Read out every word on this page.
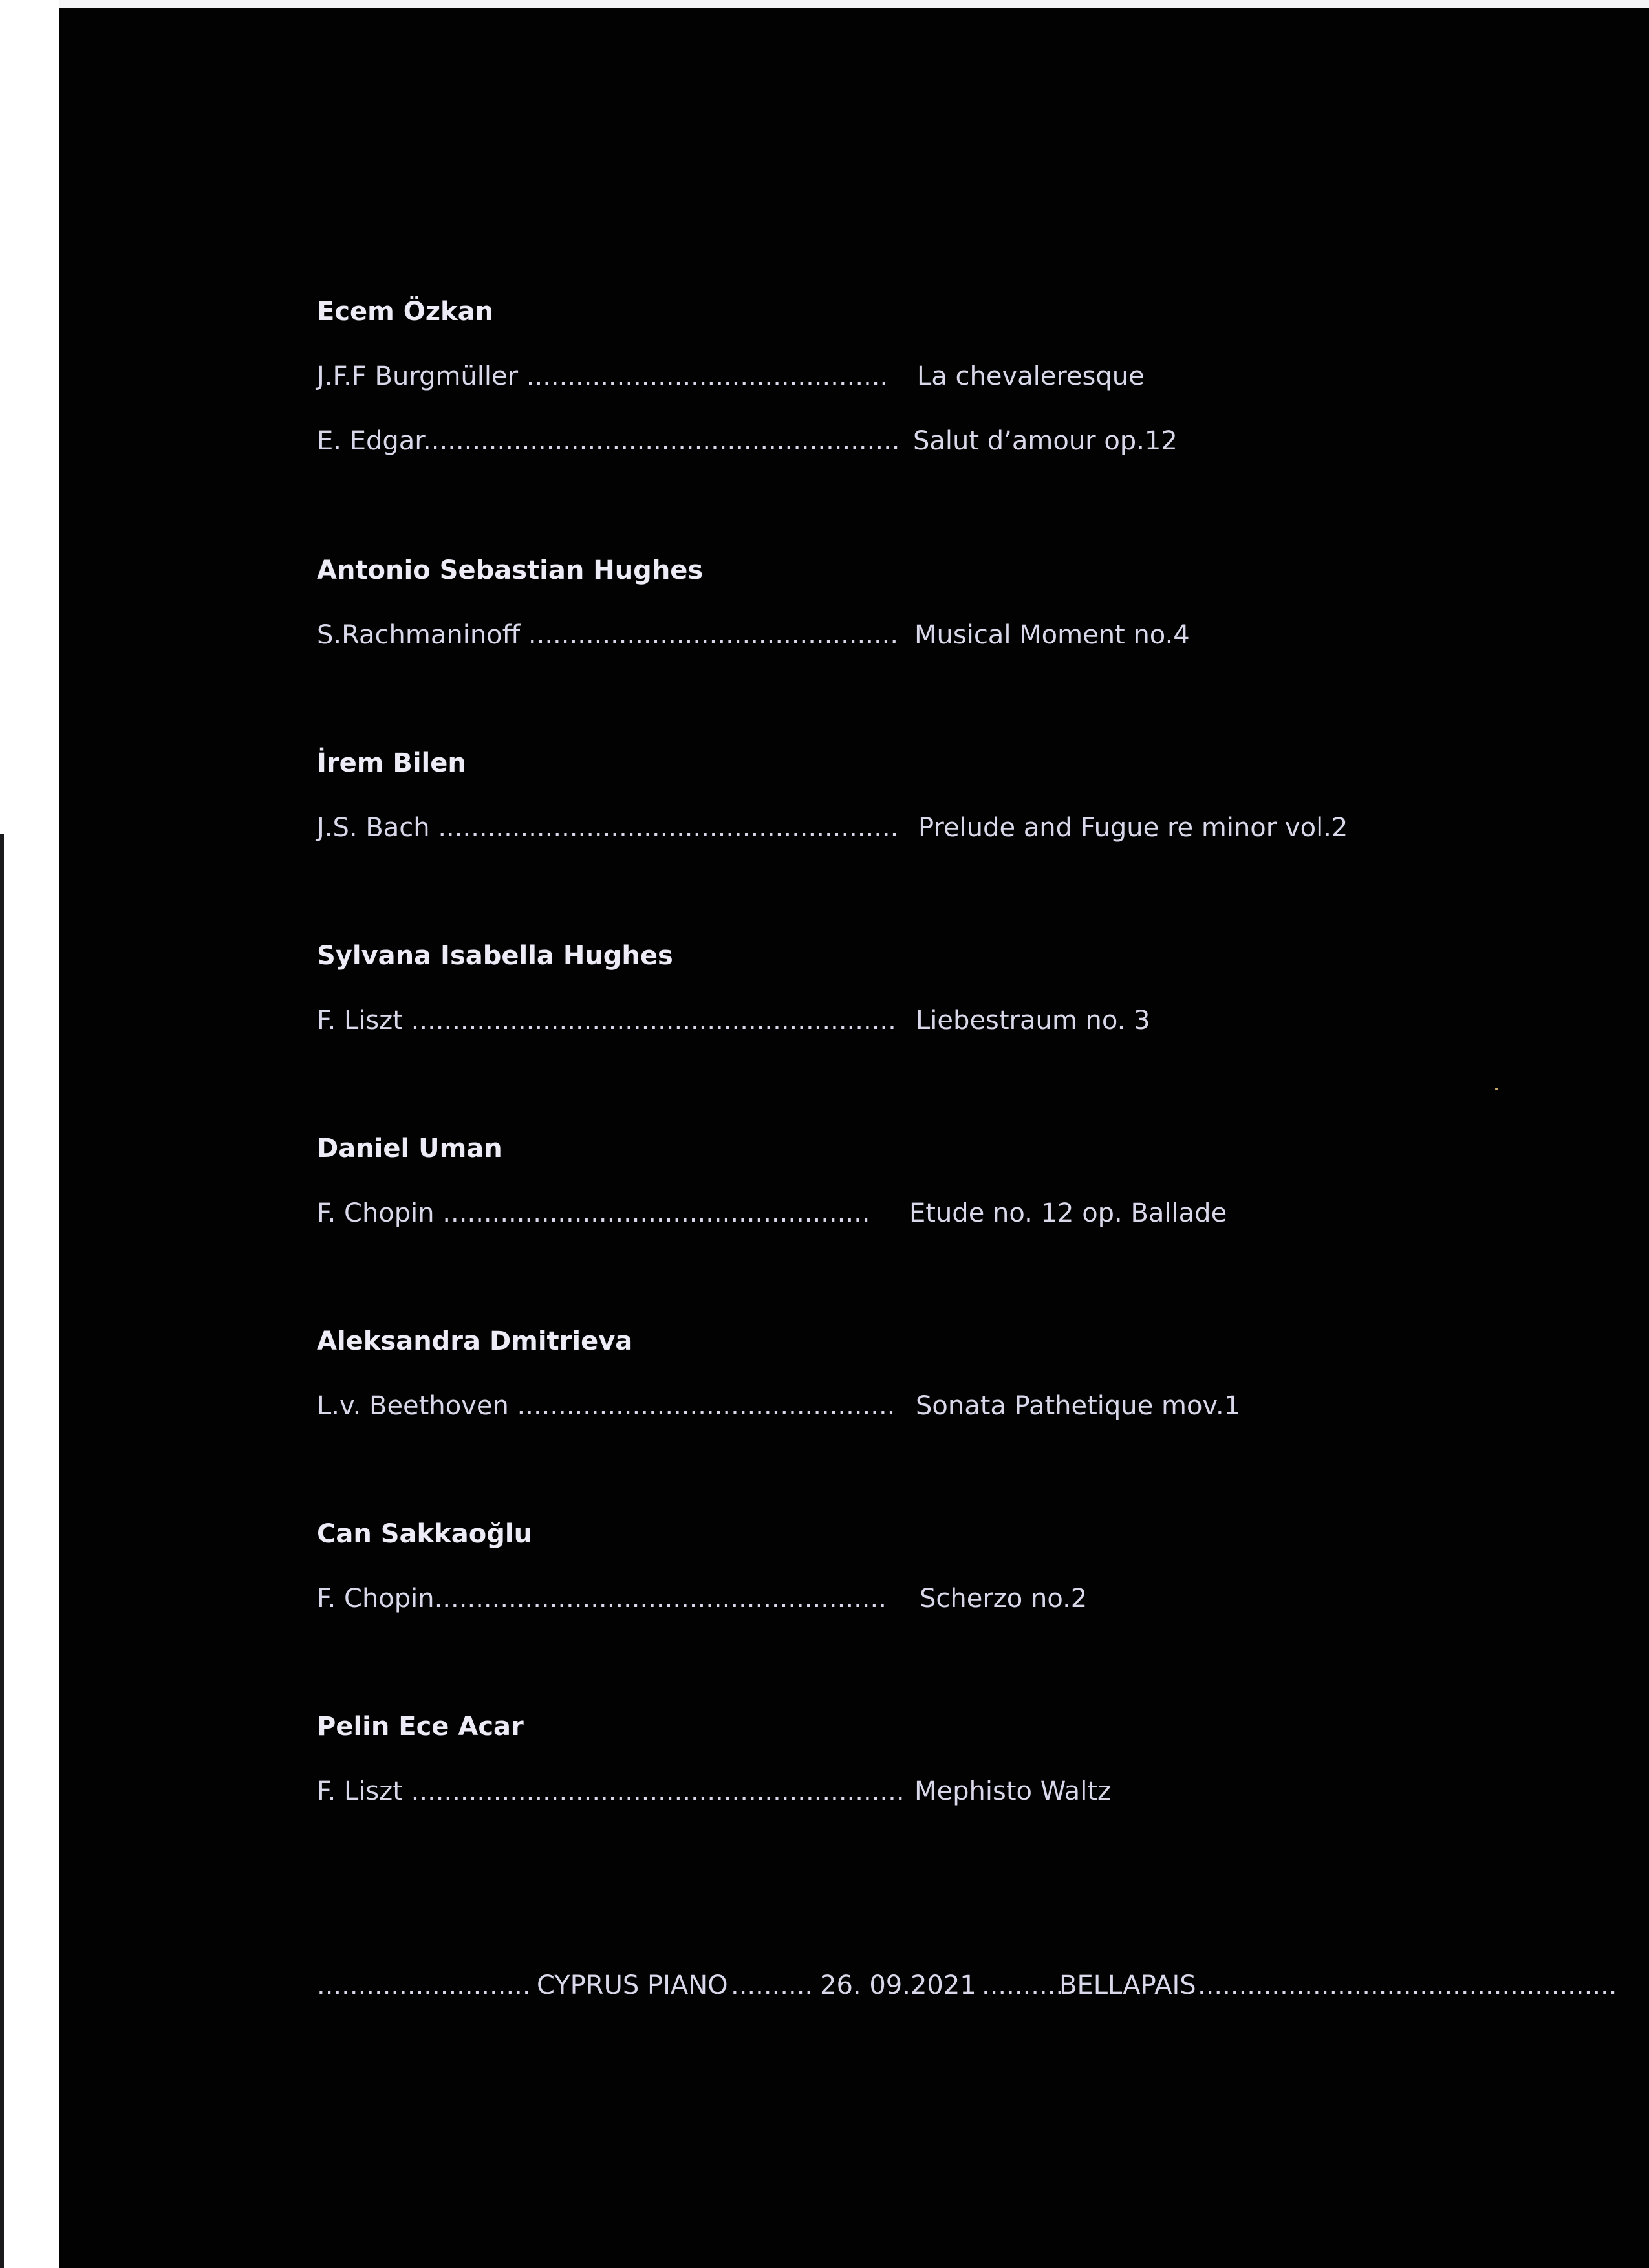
Ecem Özkan
J.F.F Burgmüller ............................................ La chevaleresque
E. Edgar.......................................................... Salut d’amour op.12
Antonio Sebastian Hughes
S.Rachmaninoff ............................................. Musical Moment no.4
İrem Bilen
J.S. Bach ........................................................ Prelude and Fugue re minor vol.2
Sylvana Isabella Hughes
F. Liszt ........................................................... Liebestraum no. 3
Daniel Uman
F. Chopin .................................................... Etude no. 12 op. Ballade
Aleksandra Dmitrieva
L.v. Beethoven .............................................. Sonata Pathetique mov.1
Can Sakkaoğlu
F. Chopin....................................................... Scherzo no.2
Pelin Ece Acar
F. Liszt ............................................................ Mephisto Waltz
.......................... CYPRUS PIANO .......... 26. 09.2021 ..........
BELLAPAIS ...................................................
